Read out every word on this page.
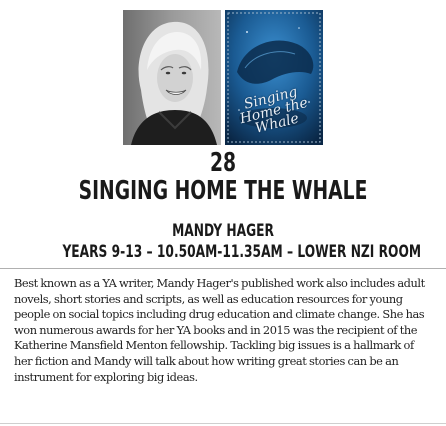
Singing Home the Whale
28
SINGING HOME THE WHALE
MANDY HAGER
YEARS 9-13 – 10.50AM-11.35AM – LOWER NZI ROOM
Best known as a YA writer, Mandy Hager's published work also includes adult novels, short stories and scripts, as well as education resources for young people on social topics including drug education and climate change. She has won numerous awards for her YA books and in 2015 was the recipient of the Katherine Mansfield Menton fellowship. Tackling big issues is a hallmark of her fiction and Mandy will talk about how writing great stories can be an instrument for exploring big ideas.
